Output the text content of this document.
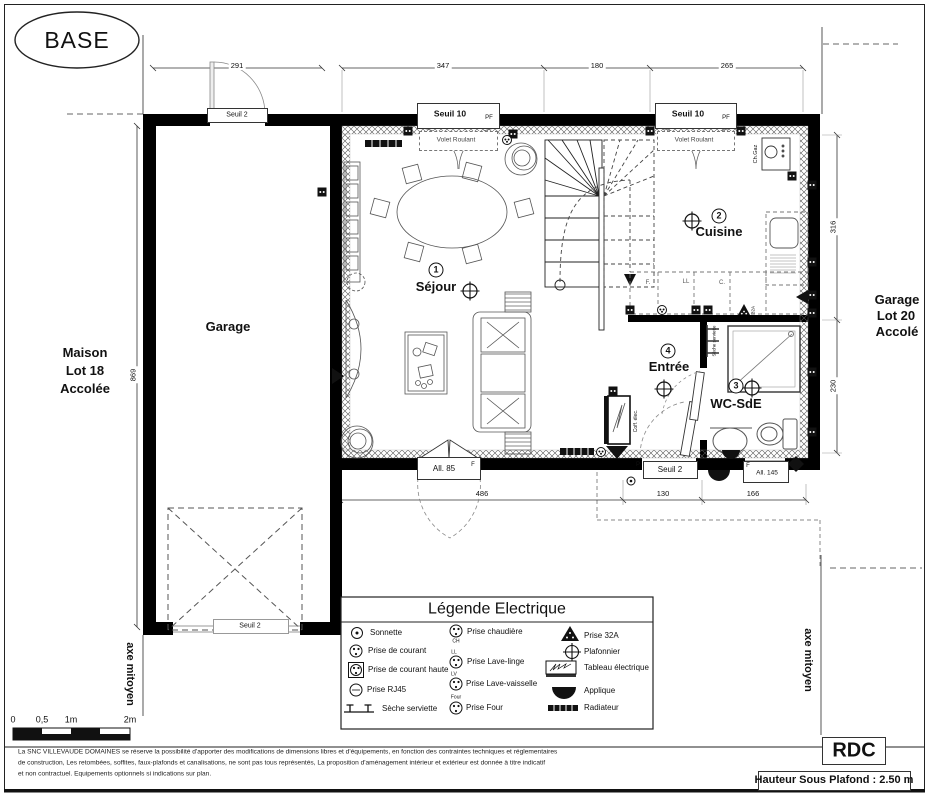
BASE
291	347	180	265
869
316
230
486	130	166
Maison
Lot 18
Accolée
Garage
Lot 20
Accolé
axe mitoyen	axe mitoyen
Garage
1
Séjour
2
Cuisine
3
WC-SdE
4
Entrée
Seuil 2
Seuil 2
Seuil 10	PF	Seuil 10	PF
Volet Roulant	Volet Roulant
All. 85	F	Seuil 2
P	F
All. 145
Ch.Gaz
Sèche serviette
Coff. élec.
32A
F.	LL	C.
0 0,5 1m	2m
Légende Electrique
Sonnette
Prise de courant
Prise de courant haute
Prise RJ45
Sèche serviette
CH
LL
LV
Four
Prise chaudière
Prise Lave-linge
Prise Lave-vaisselle
Prise Four
Prise 32A
Plafonnier
Tableau électrique
Applique
Radiateur
La SNC VILLEVAUDE DOMAINES se réserve la possibilité d'apporter des modifications de dimensions libres et d'équipements, en fonction des contraintes techniques et réglementaires
de construction, Les retombées, soffites, faux-plafonds et canalisations, ne sont pas tous représentés, La proposition d'aménagement intérieur et extérieur est donnée à titre indicatif
et non contractuel. Equipements optionnels si indications sur plan.
RDC
Hauteur Sous Plafond : 2.50 m
